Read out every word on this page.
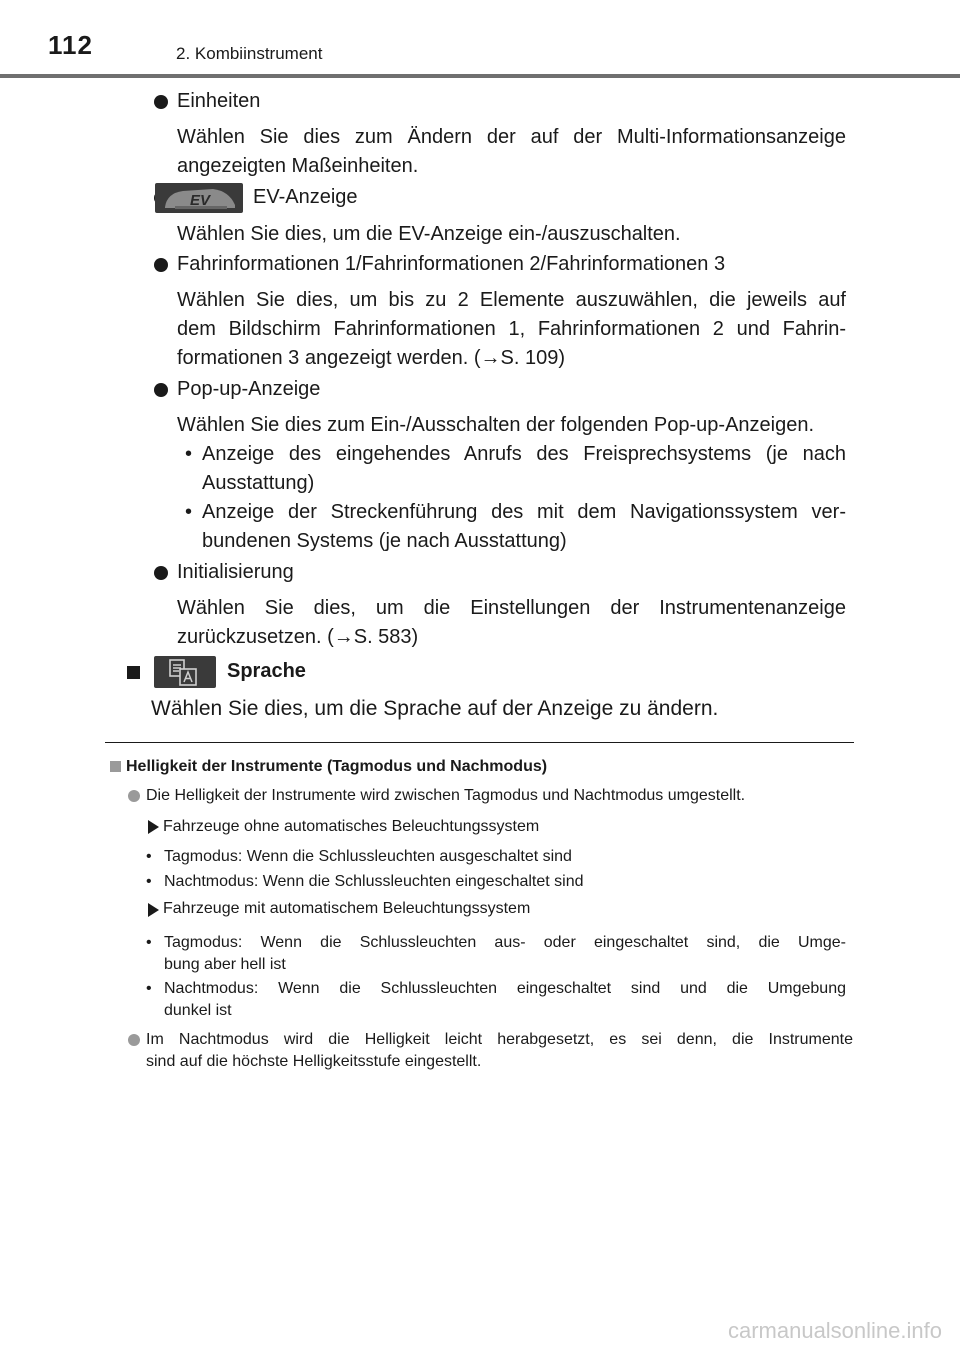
112	2. Kombiinstrument
Einheiten
Wählen Sie dies zum Ändern der auf der Multi-Informationsanzeige angezeigten Maßeinheiten.
EV EV-Anzeige
Wählen Sie dies, um die EV-Anzeige ein-/auszuschalten.
Fahrinformationen 1/Fahrinformationen 2/Fahrinformationen 3
Wählen Sie dies, um bis zu 2 Elemente auszuwählen, die jeweils auf
dem Bildschirm Fahrinformationen 1, Fahrinformationen 2 und Fahrin-
formationen 3 angezeigt werden. (→S. 109)
Pop-up-Anzeige
Wählen Sie dies zum Ein-/Ausschalten der folgenden Pop-up-Anzeigen.
• Anzeige des eingehendes Anrufs des Freisprechsystems (je nach
Ausstattung)
• Anzeige der Streckenführung des mit dem Navigationssystem ver-
bundenen Systems (je nach Ausstattung)
Initialisierung
Wählen Sie dies, um die Einstellungen der Instrumentenanzeige
zurückzusetzen. (→S. 583)
Sprache
Wählen Sie dies, um die Sprache auf der Anzeige zu ändern.
Helligkeit der Instrumente (Tagmodus und Nachmodus)
Die Helligkeit der Instrumente wird zwischen Tagmodus und Nachtmodus umgestellt.
Fahrzeuge ohne automatisches Beleuchtungssystem
• Tagmodus: Wenn die Schlussleuchten ausgeschaltet sind
• Nachtmodus: Wenn die Schlussleuchten eingeschaltet sind
Fahrzeuge mit automatischem Beleuchtungssystem
• Tagmodus: Wenn die Schlussleuchten aus- oder eingeschaltet sind, die Umge-
bung aber hell ist
• Nachtmodus: Wenn die Schlussleuchten eingeschaltet sind und die Umgebung
dunkel ist
Im Nachtmodus wird die Helligkeit leicht herabgesetzt, es sei denn, die Instrumente
sind auf die höchste Helligkeitsstufe eingestellt.
carmanualsonline.info
